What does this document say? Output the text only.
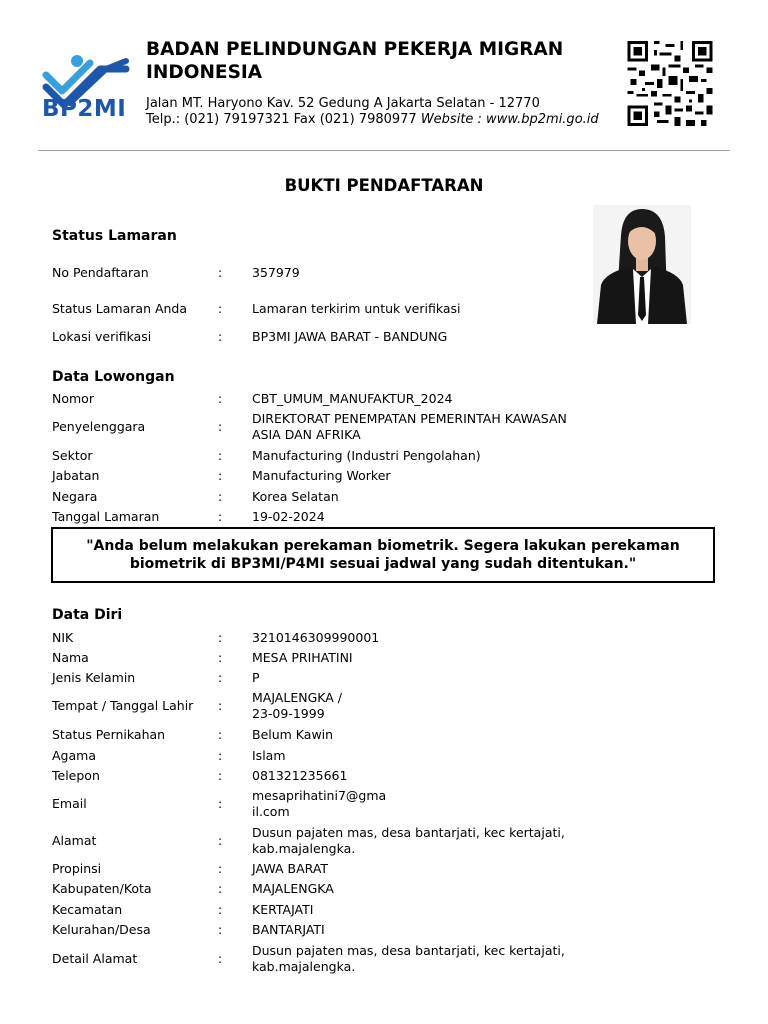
BP2MI
BADAN PELINDUNGAN PEKERJA MIGRAN INDONESIA
Jalan MT. Haryono Kav. 52 Gedung A Jakarta Selatan - 12770
Telp.: (021) 79197321 Fax (021) 7980977 Website : www.bp2mi.go.id
BUKTI PENDAFTARAN
Status Lamaran
No Pendaftaran	:	357979
Status Lamaran Anda	:	Lamaran terkirim untuk verifikasi
Lokasi verifikasi	:	BP3MI JAWA BARAT - BANDUNG
Data Lowongan
Nomor	:	CBT_UMUM_MANUFAKTUR_2024
Penyelenggara	:
DIREKTORAT PENEMPATAN PEMERINTAH KAWASAN ASIA DAN AFRIKA
Sektor	:	Manufacturing (Industri Pengolahan)
Jabatan	:	Manufacturing Worker
Negara	:	Korea Selatan
Tanggal Lamaran	:	19-02-2024
"Anda belum melakukan perekaman biometrik. Segera lakukan perekaman biometrik di BP3MI/P4MI sesuai jadwal yang sudah ditentukan."
Data Diri
NIK	:	3210146309990001
Nama	:	MESA PRIHATINI
Jenis Kelamin	:	P
Tempat / Tanggal Lahir	:
MAJALENGKA / 23-09-1999
Status Pernikahan	:	Belum Kawin
Agama	:	Islam
Telepon	:	081321235661
Email	:
mesaprihatini7@gmail.com
Alamat	:
Dusun pajaten mas, desa bantarjati, kec kertajati, kab.majalengka.
Propinsi	:	JAWA BARAT
Kabupaten/Kota	:	MAJALENGKA
Kecamatan	:	KERTAJATI
Kelurahan/Desa	:	BANTARJATI
Detail Alamat	:
Dusun pajaten mas, desa bantarjati, kec kertajati, kab.majalengka.
